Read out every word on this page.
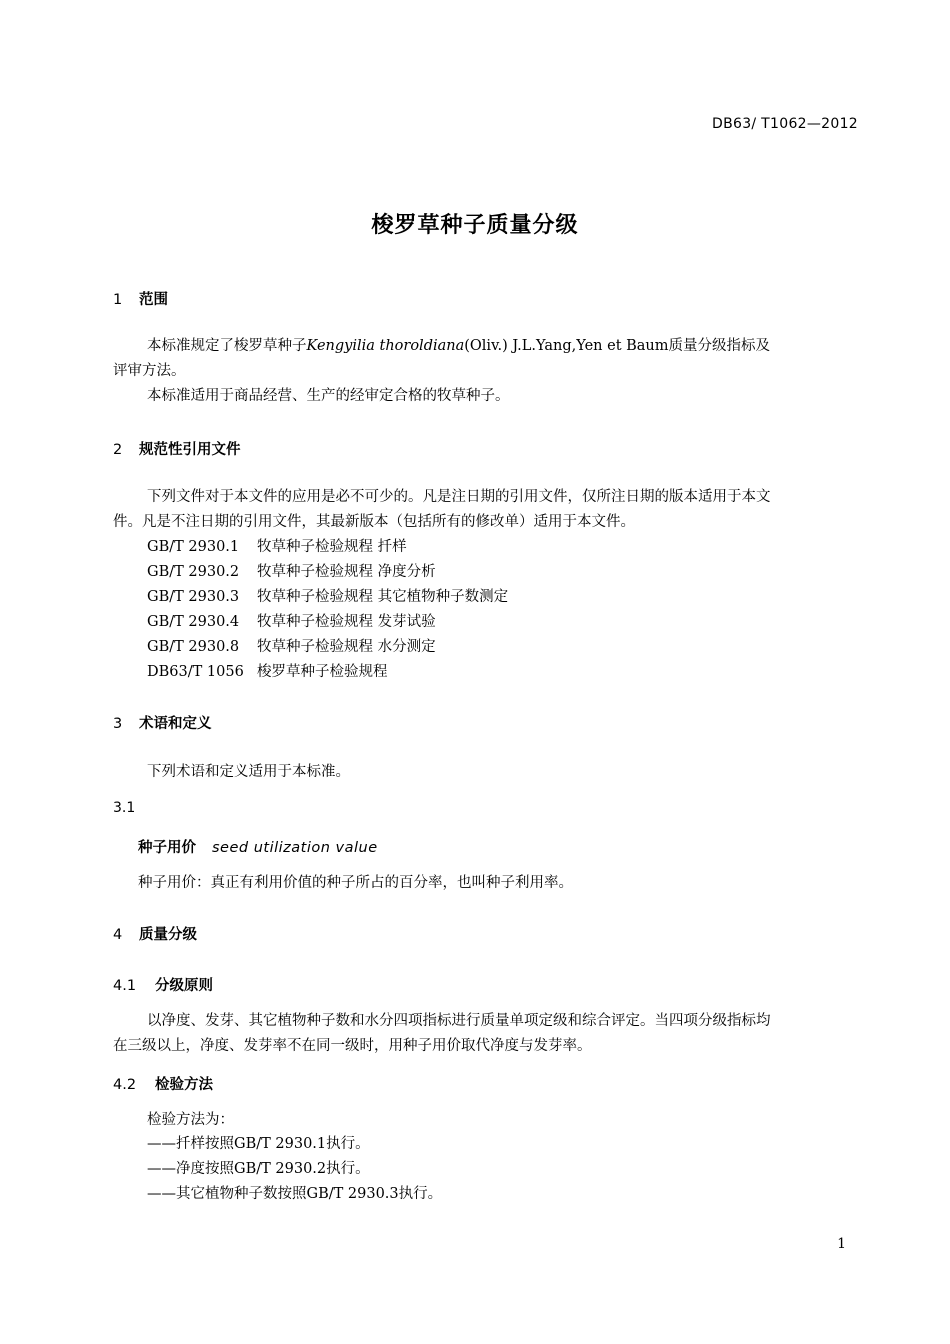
DB63/ T1062—2012
梭罗草种子质量分级
1 范围
本标准规定了梭罗草种子Kengyilia thoroldiana(Oliv.) J.L.Yang,Yen et Baum质量分级指标及
评审方法。
本标准适用于商品经营、生产的经审定合格的牧草种子。
2 规范性引用文件
下列文件对于本文件的应用是必不可少的。凡是注日期的引用文件，仅所注日期的版本适用于本文
件。凡是不注日期的引用文件，其最新版本（包括所有的修改单）适用于本文件。
GB/T 2930.1 牧草种子检验规程 扦样
GB/T 2930.2 牧草种子检验规程 净度分析
GB/T 2930.3 牧草种子检验规程 其它植物种子数测定
GB/T 2930.4 牧草种子检验规程 发芽试验
GB/T 2930.8 牧草种子检验规程 水分测定
DB63/T 1056 梭罗草种子检验规程
3 术语和定义
下列术语和定义适用于本标准。
3.1
种子用价 seed utilization value
种子用价：真正有利用价值的种子所占的百分率，也叫种子利用率。
4 质量分级
4.1 分级原则
以净度、发芽、其它植物种子数和水分四项指标进行质量单项定级和综合评定。当四项分级指标均
在三级以上，净度、发芽率不在同一级时，用种子用价取代净度与发芽率。
4.2 检验方法
检验方法为：
——扦样按照GB/T 2930.1执行。
——净度按照GB/T 2930.2执行。
——其它植物种子数按照GB/T 2930.3执行。
1
